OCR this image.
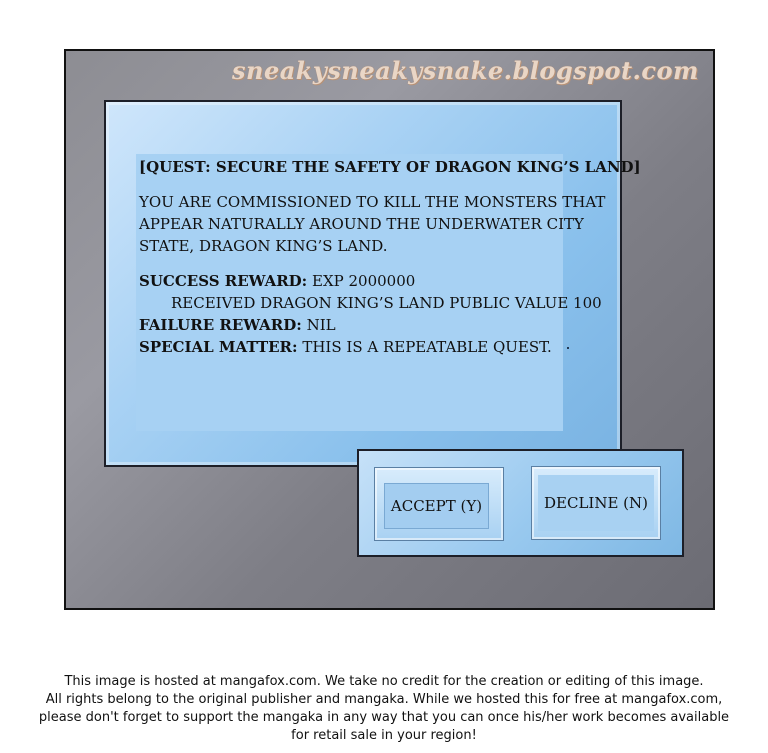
sneakysneakysnake.blogspot.com
[QUEST: SECURE THE SAFETY OF DRAGON KING’S LAND]
YOU ARE COMMISSIONED TO KILL THE MONSTERS THAT
APPEAR NATURALLY AROUND THE UNDERWATER CITY
STATE, DRAGON KING’S LAND.
SUCCESS REWARD: EXP 2000000
RECEIVED DRAGON KING’S LAND PUBLIC VALUE 100
FAILURE REWARD: NIL
SPECIAL MATTER: THIS IS A REPEATABLE QUEST.
ACCEPT (Y)	DECLINE (N)
This image is hosted at mangafox.com. We take no credit for the creation or editing of this image.
All rights belong to the original publisher and mangaka. While we hosted this for free at mangafox.com,
please don't forget to support the mangaka in any way that you can once his/her work becomes available
for retail sale in your region!
